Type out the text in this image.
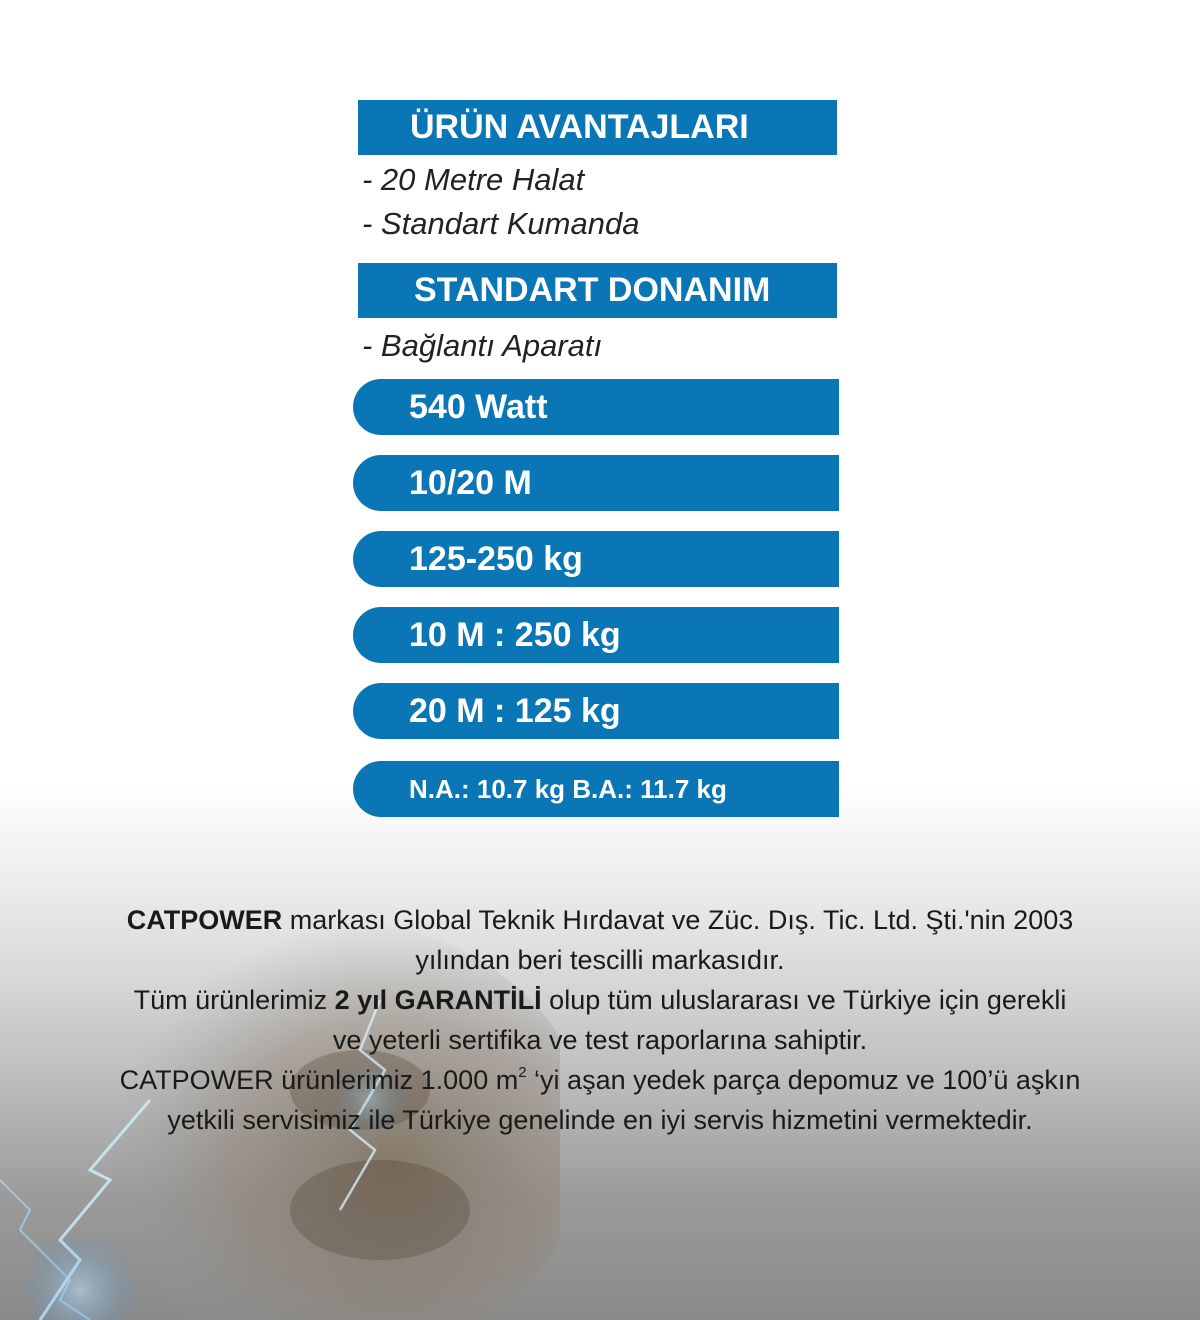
ÜRÜN AVANTAJLARI
- 20 Metre Halat
- Standart Kumanda
STANDART DONANIM
- Bağlantı Aparatı
540 Watt
10/20 M
125-250 kg
10 M : 250 kg
20 M : 125 kg
N.A.: 10.7 kg B.A.: 11.7 kg

CATPOWER markası Global Teknik Hırdavat ve Züc. Dış. Tic. Ltd. Şti.'nin 2003

yılından beri tescilli markasıdır.

Tüm ürünlerimiz 2 yıl GARANTİLİ olup tüm uluslararası ve Türkiye için gerekli

ve yeterli sertifika ve test raporlarına sahiptir.

CATPOWER ürünlerimiz 1.000 $m^2$ ‘yi aşan yedek parça depomuz ve 100’ü aşkın

yetkili servisimiz ile Türkiye genelinde en iyi servis hizmetini vermektedir.
